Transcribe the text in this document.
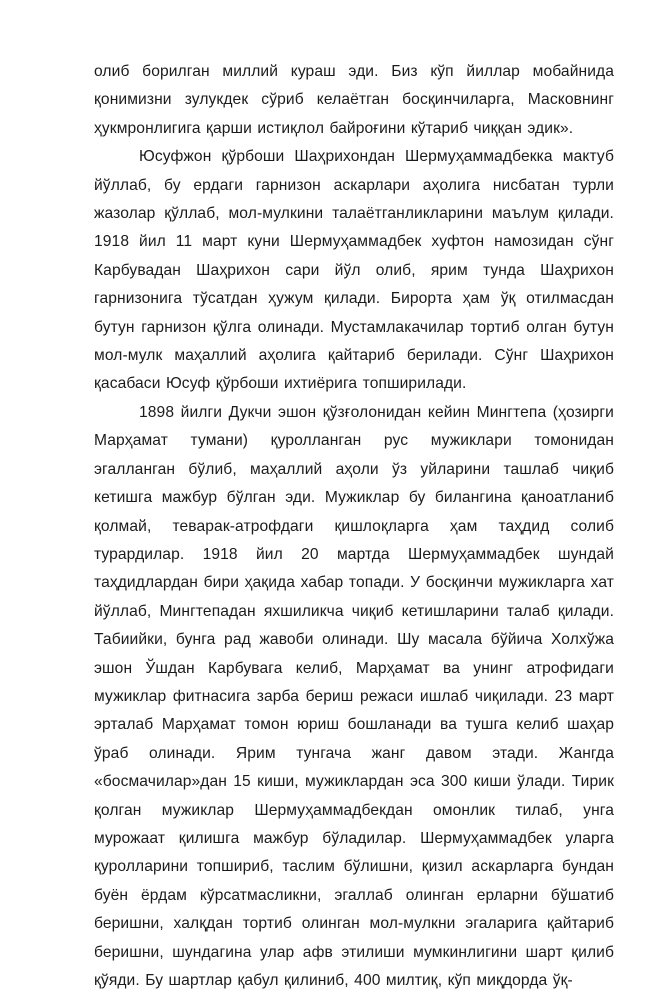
олиб борилган миллий кураш эди. Биз кўп йиллар мобайнида қонимизни зулукдек сўриб келаётган босқинчиларга, Масковнинг ҳукмронлигига қарши истиқлол байроғини кўтариб чиққан эдик».

Юсуфжон қўрбоши Шаҳрихондан Шермуҳаммадбекка мактуб йўллаб, бу ердаги гарнизон аскарлари аҳолига нисбатан турли жазолар қўллаб, мол-мулкини талаётганликларини маълум қилади. 1918 йил 11 март куни Шермуҳаммадбек хуфтон намозидан сўнг Карбувадан Шаҳрихон сари йўл олиб, ярим тунда Шаҳрихон гарнизонига тўсатдан ҳужум қилади. Бироpта ҳам ўқ отилмасдан бутун гарнизон қўлга олинади. Мустамлакачилар тортиб олган бутун мол-мулк маҳаллий аҳолига қайтариб берилади. Сўнг Шаҳрихон қасабаси Юсуф қўрбоши ихтиёрига топширилади.

1898 йилги Дукчи эшон қўзғолонидан кейин Мингтепа (ҳозирги Марҳамат тумани) қуролланган рус мужиклари томонидан эгалланган бўлиб, маҳаллий аҳоли ўз уйларини ташлаб чиқиб кетишга мажбур бўлган эди. Мужиклар бу билангина қаноатланиб қолмай, теварак-атрофдаги қишлоқларга ҳам таҳдид солиб турардилар. 1918 йил 20 мартда Шермуҳаммадбек шундай таҳдидлардан бири ҳақида хабар топади. У босқинчи мужикларга хат йўллаб, Мингтепадан яхшиликча чиқиб кетишларини талаб қилади. Табиийки, бунга рад жавоби олинади. Шу масала бўйича Холхўжа эшон Ўшдан Карбувага келиб, Марҳамат ва унинг атрофидаги мужиклар фитнасига зарба бериш режаси ишлаб чиқилади. 23 март эрталаб Марҳамат томон юриш бошланади ва тушга келиб шаҳар ўраб олинади. Ярим тунгача жанг давом этади. Жангда «босмачилар»дан 15 киши, мужиклардан эса 300 киши ўлади. Тирик қолган мужиклар Шермуҳаммадбекдан омонлик тилаб, унга мурожаат қилишга мажбур бўладилар. Шермуҳаммадбек уларга қуролларини топшириб, таслим бўлишни, қизил аскарларга бундан буён ёрдам кўрсатмасликни, эгаллаб олинган ерларни бўшатиб беришни, халқдан тортиб олинган мол-мулкни эгаларига қайтариб беришни, шундагина улар афв этилиши мумкинлигини шарт қилиб қўяди. Бу шартлар қабул қилиниб, 400 милтиқ, кўп миқдорда ўқ-
